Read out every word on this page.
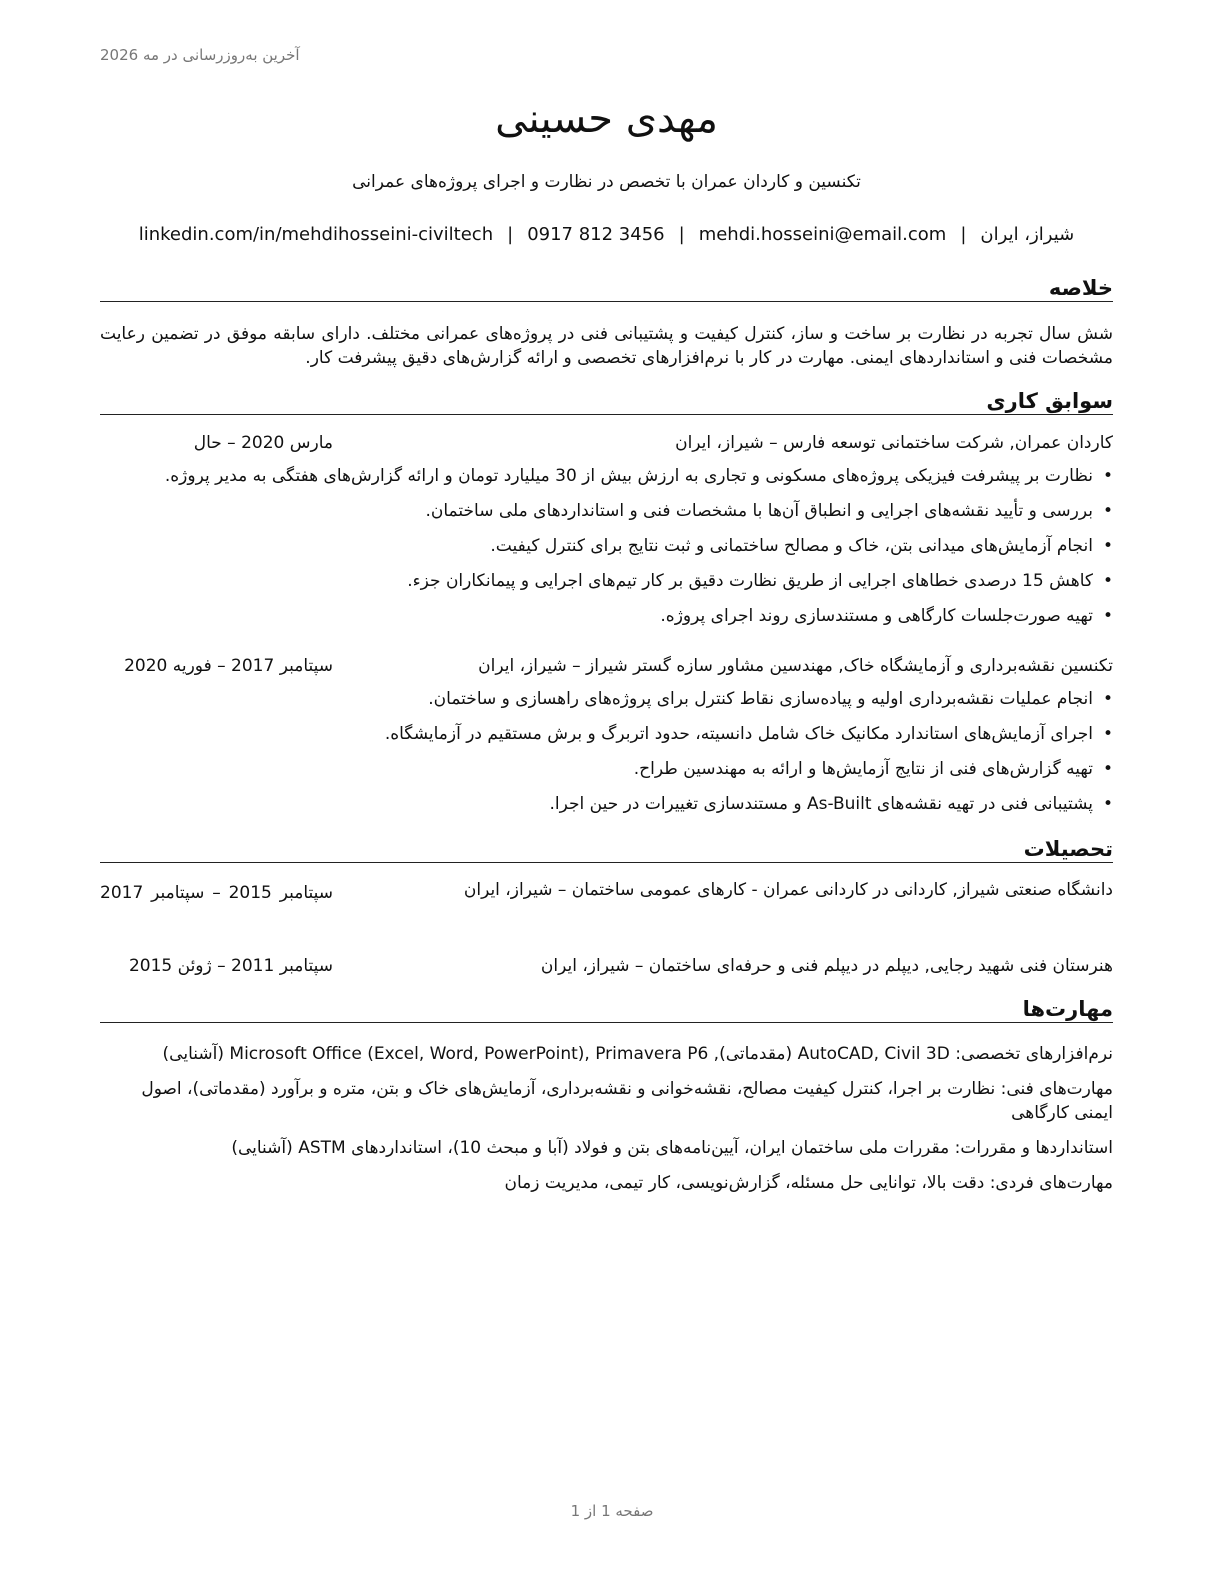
آخرین به‌روزرسانی در مه 2026
مهدی حسینی
تکنسین و کاردان عمران با تخصص در نظارت و اجرای پروژه‌های عمرانی
شیراز، ایران|mehdi.hosseini@email.com|0917 812 3456|linkedin.com/in/mehdihosseini-civiltech
خلاصه

شش سال تجربه در نظارت بر ساخت و ساز، کنترل کیفیت و پشتیبانی فنی در پروژه‌های عمرانی مختلف. دارای سابقه موفق در تضمین رعایت مشخصات فنی و استانداردهای ایمنی. مهارت در کار با نرم‌افزارهای تخصصی و ارائه گزارش‌های دقیق پیشرفت کار.

سوابق کاری
کاردان عمران, شرکت ساختمانی توسعه فارس – شیراز، ایران
مارس 2020 – حال
•نظارت بر پیشرفت فیزیکی پروژه‌های مسکونی و تجاری به ارزش بیش از 30 میلیارد تومان و ارائه گزارش‌های هفتگی به مدیر پروژه.
•بررسی و تأیید نقشه‌های اجرایی و انطباق آن‌ها با مشخصات فنی و استانداردهای ملی ساختمان.
•انجام آزمایش‌های میدانی بتن، خاک و مصالح ساختمانی و ثبت نتایج برای کنترل کیفیت.
•کاهش 15 درصدی خطاهای اجرایی از طریق نظارت دقیق بر کار تیم‌های اجرایی و پیمانکاران جزء.
•تهیه صورت‌جلسات کارگاهی و مستندسازی روند اجرای پروژه.
تکنسین نقشه‌برداری و آزمایشگاه خاک, مهندسین مشاور سازه گستر شیراز – شیراز، ایران
سپتامبر 2017 – فوریه 2020
•انجام عملیات نقشه‌برداری اولیه و پیاده‌سازی نقاط کنترل برای پروژه‌های راهسازی و ساختمان.
•اجرای آزمایش‌های استاندارد مکانیک خاک شامل دانسیته، حدود اتربرگ و برش مستقیم در آزمایشگاه.
•تهیه گزارش‌های فنی از نتایج آزمایش‌ها و ارائه به مهندسین طراح.
•پشتیبانی فنی در تهیه نقشه‌های As-Built و مستندسازی تغییرات در حین اجرا.
تحصیلات
دانشگاه صنعتی شیراز, کاردانی در کاردانی عمران - کارهای عمومی ساختمان – شیراز، ایران
سپتامبر 2015 – سپتامبر 2017
هنرستان فنی شهید رجایی, دیپلم در دیپلم فنی و حرفه‌ای ساختمان – شیراز، ایران
سپتامبر 2011 – ژوئن 2015
مهارت‌ها
نرم‌افزارهای تخصصی: AutoCAD, Civil 3D (مقدماتی), Microsoft Office (Excel, Word, PowerPoint), Primavera P6 (آشنایی)
مهارت‌های فنی: نظارت بر اجرا، کنترل کیفیت مصالح، نقشه‌خوانی و نقشه‌برداری، آزمایش‌های خاک و بتن، متره و برآورد (مقدماتی)، اصول ایمنی کارگاهی
استانداردها و مقررات: مقررات ملی ساختمان ایران، آیین‌نامه‌های بتن و فولاد (آبا و مبحث 10)، استانداردهای ASTM (آشنایی)
مهارت‌های فردی: دقت بالا، توانایی حل مسئله، گزارش‌نویسی، کار تیمی، مدیریت زمان
صفحه 1 از 1
